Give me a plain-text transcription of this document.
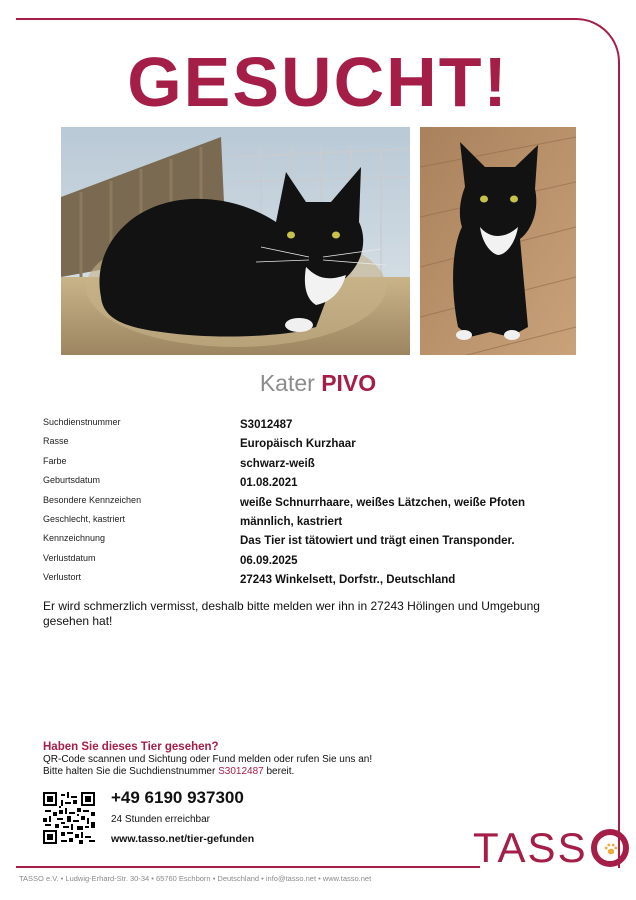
GESUCHT!
Kater PIVO
Suchdienstnummer	S3012487
Rasse	Europäisch Kurzhaar
Farbe	schwarz-weiß
Geburtsdatum	01.08.2021
Besondere Kennzeichen	weiße Schnurrhaare, weißes Lätzchen, weiße Pfoten
Geschlecht, kastriert	männlich, kastriert
Kennzeichnung	Das Tier ist tätowiert und trägt einen Transponder.
Verlustdatum	06.09.2025
Verlustort	27243 Winkelsett, Dorfstr., Deutschland
Er wird schmerzlich vermisst, deshalb bitte melden wer ihn in 27243 Hölingen und Umgebung gesehen hat!
Haben Sie dieses Tier gesehen?
QR-Code scannen und Sichtung oder Fund melden oder rufen Sie uns an!
Bitte halten Sie die Suchdienstnummer S3012487 bereit.
+49 6190 937300
24 Stunden erreichbar
www.tasso.net/tier-gefunden	TASS
TASSO e.V. • Ludwig-Erhard-Str. 30-34 • 65760 Eschborn • Deutschland • info@tasso.net • www.tasso.net
